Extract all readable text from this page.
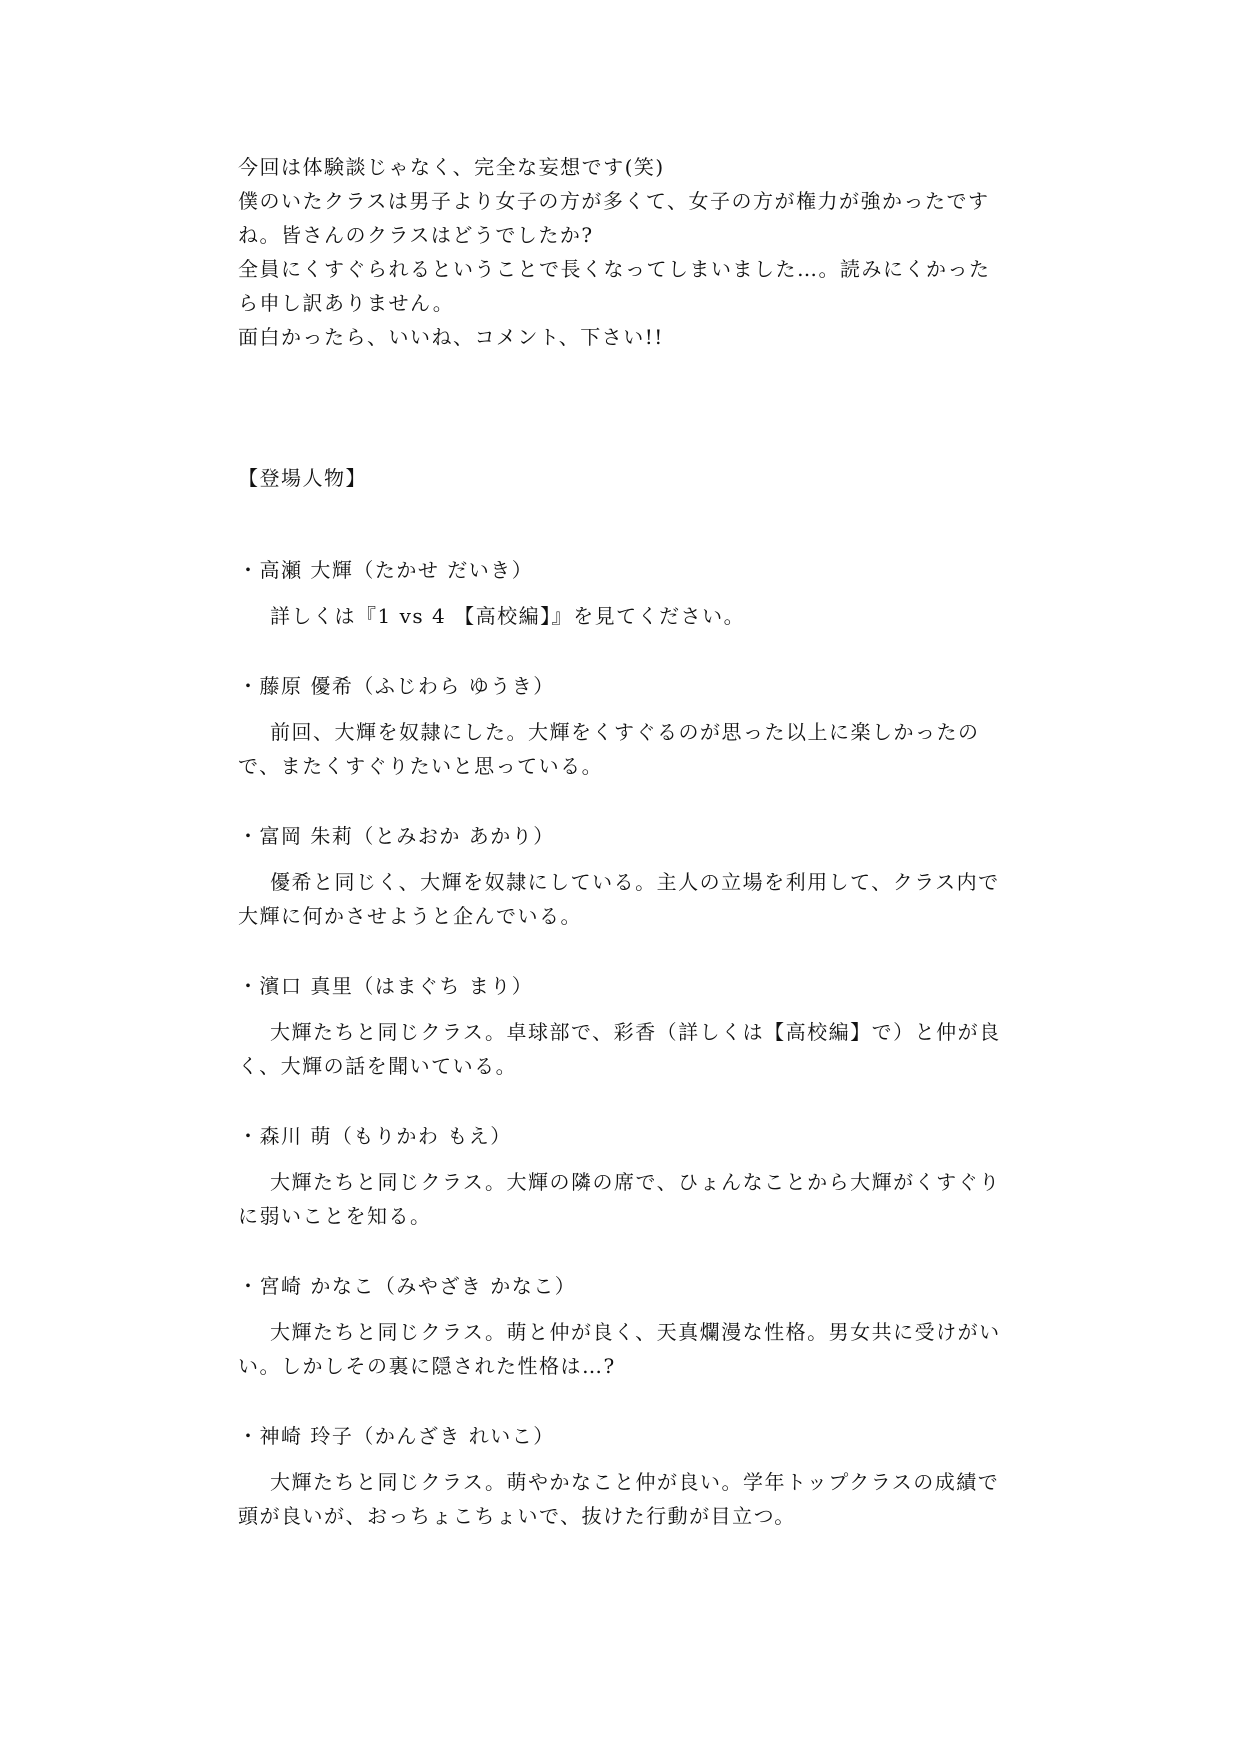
今回は体験談じゃなく、完全な妄想です(笑)

僕のいたクラスは男子より女子の方が多くて、女子の方が権力が強かったですね。皆さんのクラスはどうでしたか?

全員にくすぐられるということで長くなってしまいました…。読みにくかったら申し訳ありません。

面白かったら、いいね、コメント、下さい!!

【登場人物】

・高瀬 大輝（たかせ だいき）

詳しくは『1 vs 4 【高校編】』を見てください。

・藤原 優希（ふじわら ゆうき）

前回、大輝を奴隷にした。大輝をくすぐるのが思った以上に楽しかったので、またくすぐりたいと思っている。

・富岡 朱莉（とみおか あかり）

優希と同じく、大輝を奴隷にしている。主人の立場を利用して、クラス内で大輝に何かさせようと企んでいる。

・濱口 真里（はまぐち まり）

大輝たちと同じクラス。卓球部で、彩香（詳しくは【高校編】で）と仲が良く、大輝の話を聞いている。

・森川 萌（もりかわ もえ）

大輝たちと同じクラス。大輝の隣の席で、ひょんなことから大輝がくすぐりに弱いことを知る。

・宮崎 かなこ（みやざき かなこ）

大輝たちと同じクラス。萌と仲が良く、天真爛漫な性格。男女共に受けがいい。しかしその裏に隠された性格は…?

・神崎 玲子（かんざき れいこ）

大輝たちと同じクラス。萌やかなこと仲が良い。学年トップクラスの成績で頭が良いが、おっちょこちょいで、抜けた行動が目立つ。
